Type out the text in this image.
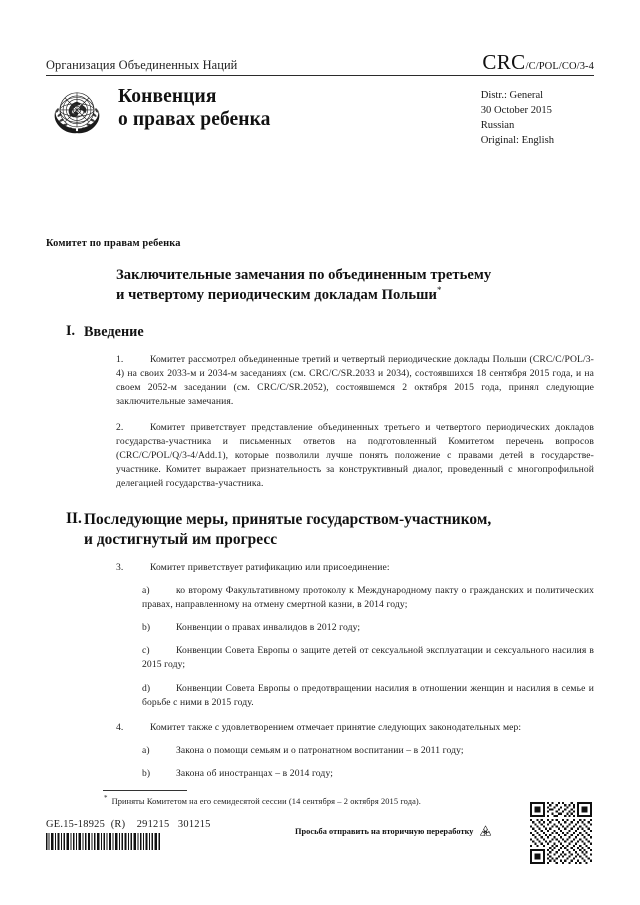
Организация Объединенных Наций	CRC/C/POL/CO/3-4
Конвенция
о правах ребенка
Distr.: General
30 October 2015
Russian
Original: English
Комитет по правам ребенка
Заключительные замечания по объединенным третьему
и четвертому периодическим докладам Польши*
I. Введение
1.	Комитет рассмотрел объединенные третий и четвертый периодические доклады Польши (CRC/C/POL/3-4) на своих 2033-м и 2034-м заседаниях (см. CRC/C/SR.2033 и 2034), состоявшихся 18 сентября 2015 года, и на своем 2052-м заседании (см. CRC/C/SR.2052), состоявшемся 2 октября 2015 года, принял следующие заключительные замечания.
2.	Комитет приветствует представление объединенных третьего и четвертого периодических докладов государства-участника и письменных ответов на подготовленный Комитетом перечень вопросов (CRC/C/POL/Q/3-4/Add.1), которые позволили лучше понять положение с правами детей в государстве-участнике. Комитет выражает признательность за конструктивный диалог, проведенный с многопрофильной делегацией государства-участника.
II. Последующие меры, принятые государством-участником,
и достигнутый им прогресс
3.	Комитет приветствует ратификацию или присоединение:
a)	ко второму Факультативному протоколу к Международному пакту о гражданских и политических правах, направленному на отмену смертной казни, в 2014 году;
b)	Конвенции о правах инвалидов в 2012 году;
c)	Конвенции Совета Европы о защите детей от сексуальной эксплуатации и сексуального насилия в 2015 году;
d)	Конвенции Совета Европы о предотвращении насилия в отношении женщин и насилия в семье и борьбе с ними в 2015 году.
4.	Комитет также с удовлетворением отмечает принятие следующих законодательных мер:
a)	Закона о помощи семьям и о патронатном воспитании – в 2011 году;
b)	Закона об иностранцах – в 2014 году;
* Приняты Комитетом на его семидесятой сессии (14 сентября – 2 октября 2015 года).
GE.15-18925  (R)    291215   301215
Просьба отправить на вторичную переработку
